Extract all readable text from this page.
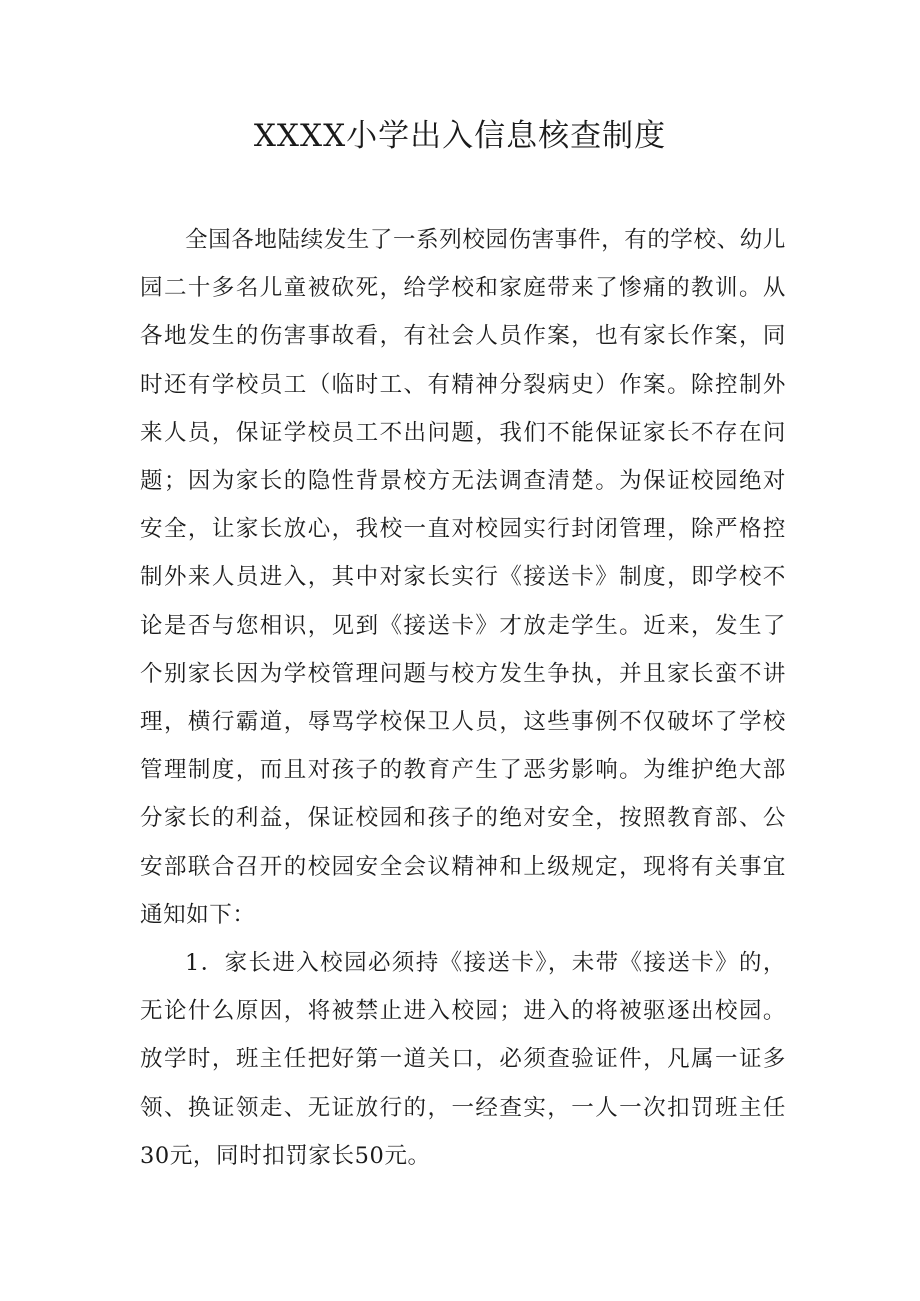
XXXX小学出入信息核查制度

全国各地陆续发生了一系列校园伤害事件，有的学校、幼儿园二十多名儿童被砍死，给学校和家庭带来了惨痛的教训。从各地发生的伤害事故看，有社会人员作案，也有家长作案，同时还有学校员工（临时工、有精神分裂病史）作案。除控制外来人员，保证学校员工不出问题，我们不能保证家长不存在问题；因为家长的隐性背景校方无法调查清楚。为保证校园绝对安全，让家长放心，我校一直对校园实行封闭管理，除严格控制外来人员进入，其中对家长实行《接送卡》制度，即学校不论是否与您相识，见到《接送卡》才放走学生。近来，发生了个别家长因为学校管理问题与校方发生争执，并且家长蛮不讲理，横行霸道，辱骂学校保卫人员，这些事例不仅破坏了学校管理制度，而且对孩子的教育产生了恶劣影响。为维护绝大部分家长的利益，保证校园和孩子的绝对安全，按照教育部、公安部联合召开的校园安全会议精神和上级规定，现将有关事宜通知如下：

1．家长进入校园必须持《接送卡》，未带《接送卡》的，无论什么原因，将被禁止进入校园；进入的将被驱逐出校园。放学时，班主任把好第一道关口，必须查验证件，凡属一证多领、换证领走、无证放行的，一经查实，一人一次扣罚班主任30元，同时扣罚家长50元。
